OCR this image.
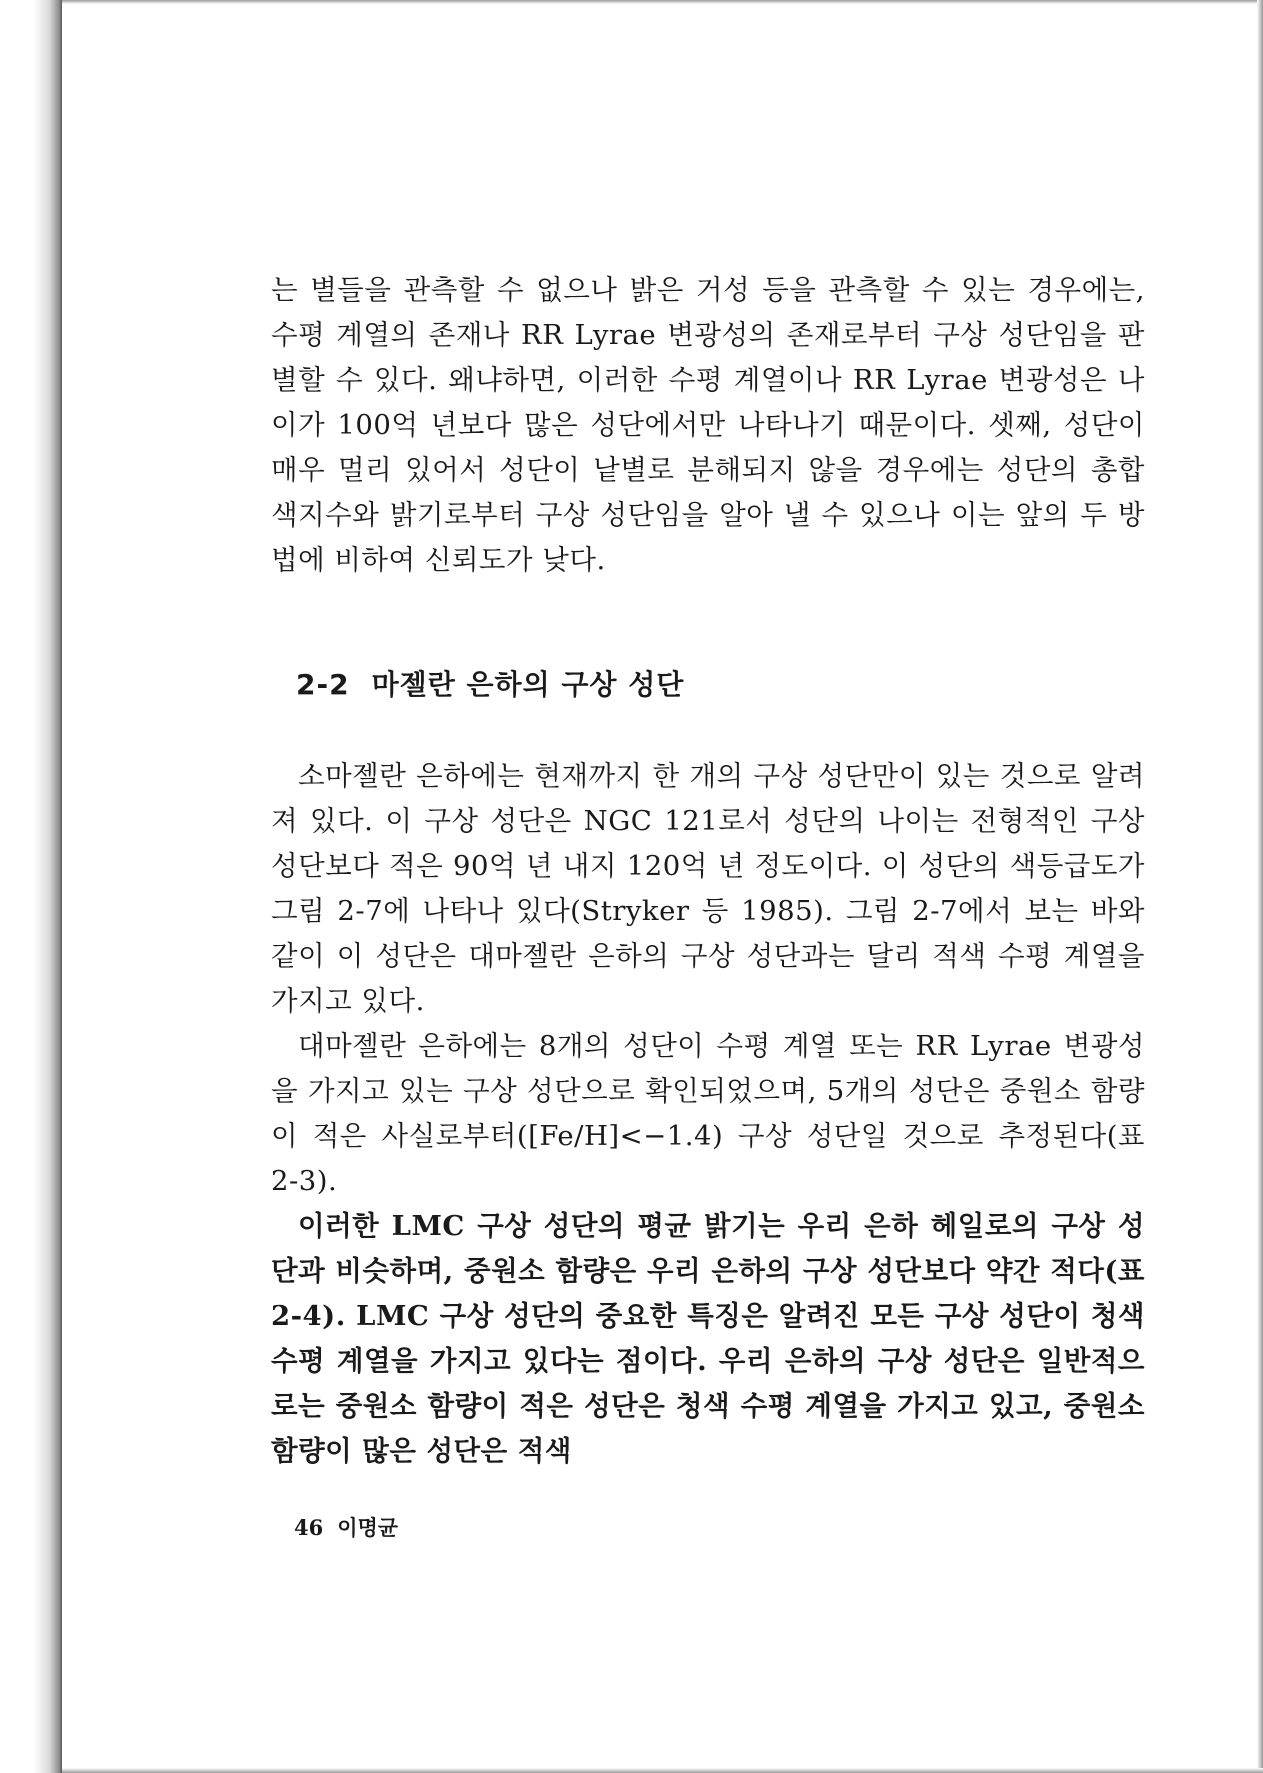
는 별들을 관측할 수 없으나 밝은 거성 등을 관측할 수 있는 경우에는, 수평 계열의 존재나 RR Lyrae 변광성의 존재로부터 구상 성단임을 판별할 수 있다. 왜냐하면, 이러한 수평 계열이나 RR Lyrae 변광성은 나이가 100억 년보다 많은 성단에서만 나타나기 때문이다. 셋째, 성단이 매우 멀리 있어서 성단이 낱별로 분해되지 않을 경우에는 성단의 총합 색지수와 밝기로부터 구상 성단임을 알아 낼 수 있으나 이는 앞의 두 방법에 비하여 신뢰도가 낮다.

2-2 마젤란 은하의 구상 성단

소마젤란 은하에는 현재까지 한 개의 구상 성단만이 있는 것으로 알려져 있다. 이 구상 성단은 NGC 121로서 성단의 나이는 전형적인 구상 성단보다 적은 90억 년 내지 120억 년 정도이다. 이 성단의 색등급도가 그림 2-7에 나타나 있다(Stryker 등 1985). 그림 2-7에서 보는 바와 같이 이 성단은 대마젤란 은하의 구상 성단과는 달리 적색 수평 계열을 가지고 있다.

대마젤란 은하에는 8개의 성단이 수평 계열 또는 RR Lyrae 변광성을 가지고 있는 구상 성단으로 확인되었으며, 5개의 성단은 중원소 함량이 적은 사실로부터([Fe/H]<−1.4) 구상 성단일 것으로 추정된다(표 2-3).

이러한 LMC 구상 성단의 평균 밝기는 우리 은하 헤일로의 구상 성단과 비슷하며, 중원소 함량은 우리 은하의 구상 성단보다 약간 적다(표 2-4). LMC 구상 성단의 중요한 특징은 알려진 모든 구상 성단이 청색 수평 계열을 가지고 있다는 점이다. 우리 은하의 구상 성단은 일반적으로는 중원소 함량이 적은 성단은 청색 수평 계열을 가지고 있고, 중원소 함량이 많은 성단은 적색

46 이명균
